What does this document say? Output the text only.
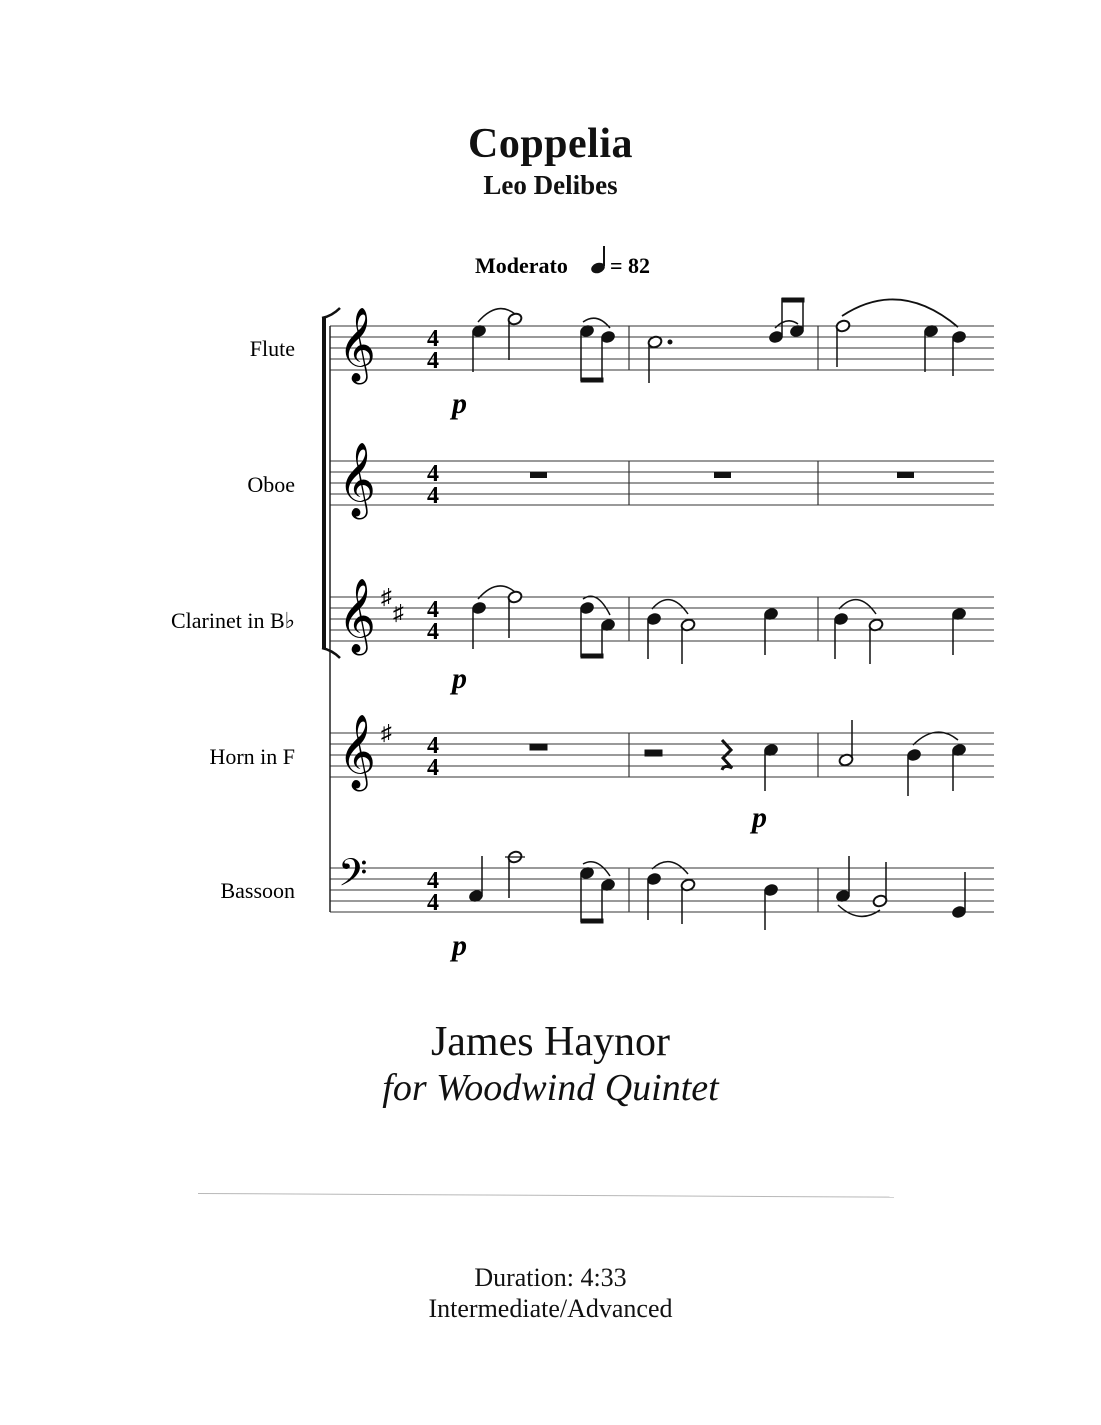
Coppelia
Leo Delibes
Moderato = 82
Flute
Oboe
Clarinet in B♭
Horn in F
Bassoon
𝄞
𝄞
𝄞
𝄞
𝄢
♯
♯
♯
4
4
4
4
4
4
4
4
4
4
p
p
p
p
James Haynor
for Woodwind Quintet
Duration: 4:33
Intermediate/Advanced
